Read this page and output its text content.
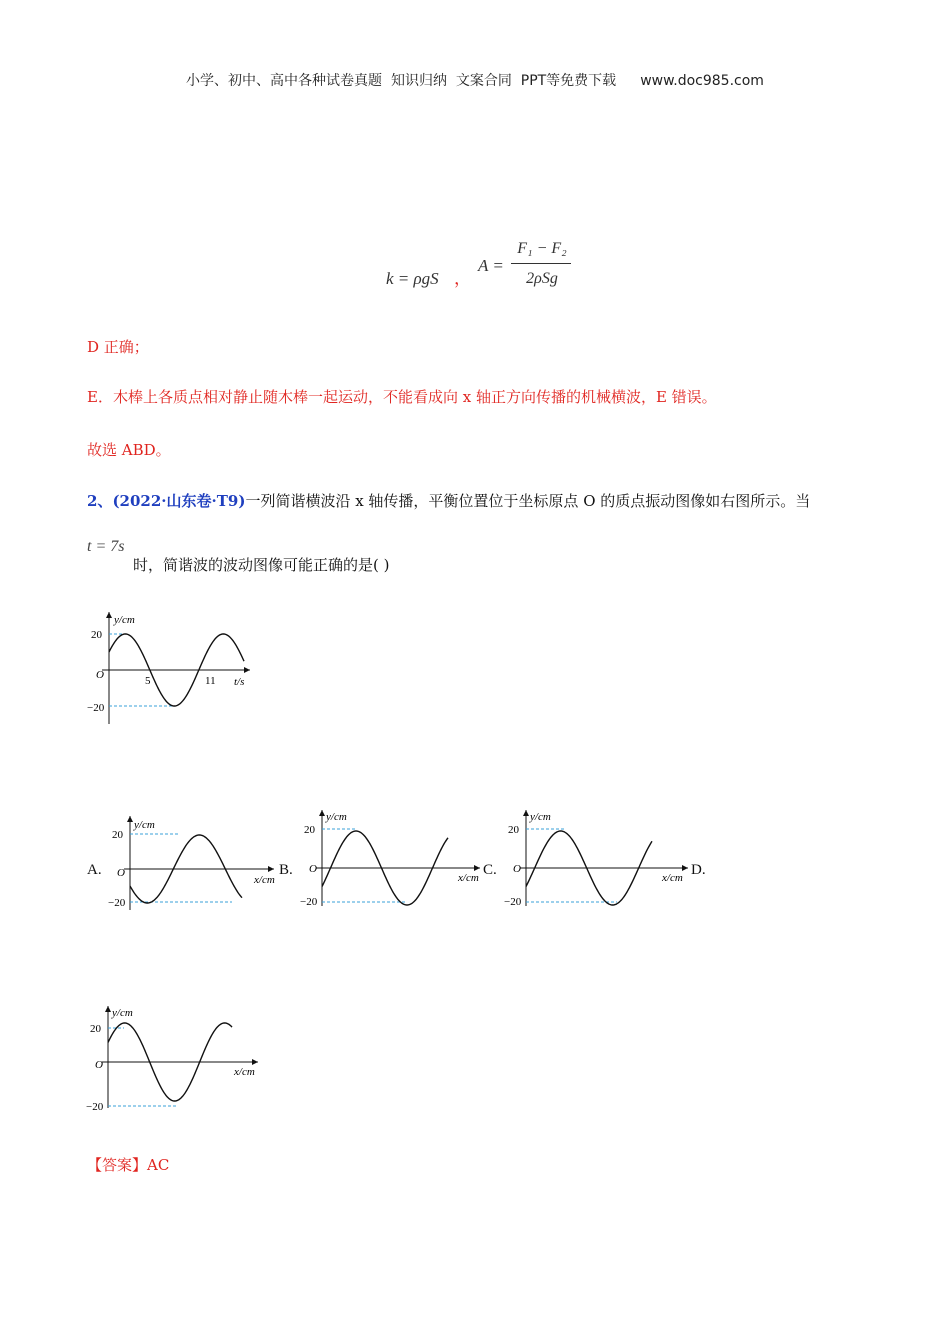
小学、初中、高中各种试卷真题  知识归纳  文案合同  PPT等免费下载 www.doc985.com
k = ρgS ，
A =
F₁ − F₂
2ρSg
D 正确；
E．木棒上各质点相对静止随木棒一起运动，不能看成向 x 轴正方向传播的机械横波，E 错误。
故选 ABD。
2、(2022·山东卷·T9)一列简谐横波沿 x 轴传播，平衡位置位于坐标原点 O 的质点振动图像如右图所示。当
t = 7s
时，简谐波的波动图像可能正确的是( )
y/cm
t/s
O
20
−20
5	11
A.
y/cm
x/cm
O
20
−20
B.
y/cm
x/cm
O
20
−20
C.
y/cm
x/cm
O
20
−20
D.
y/cm
x/cm
O
20
−20
【答案】AC
